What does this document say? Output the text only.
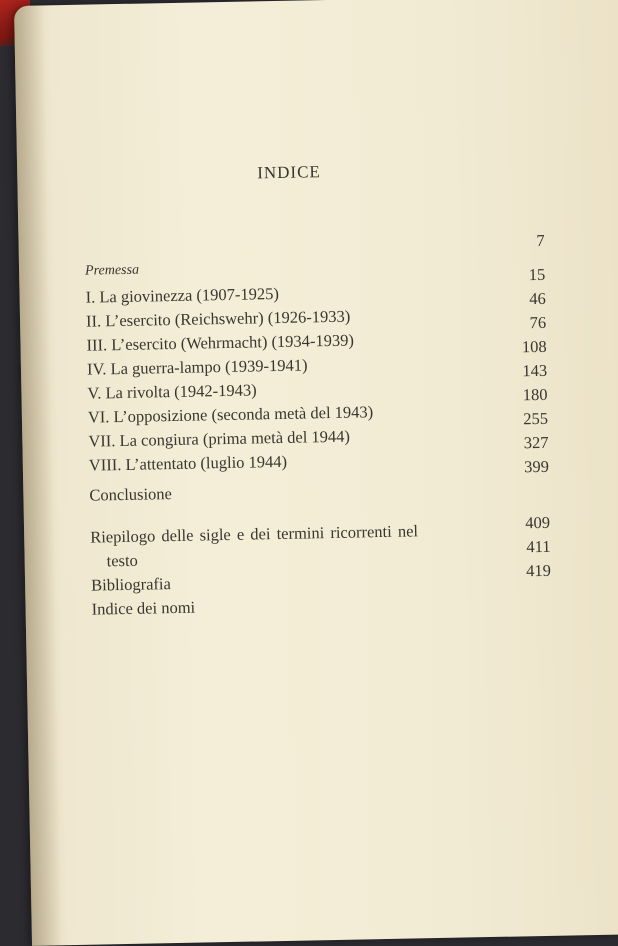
INDICE
Premessa
7
I. La giovinezza (1907-1925)
15
II. L’esercito (Reichswehr) (1926-1933)
46
III. L’esercito (Wehrmacht) (1934-1939)
76
IV. La guerra-lampo (1939-1941)
108
V. La rivolta (1942-1943)
143
VI. L’opposizione (seconda metà del 1943)
180
VII. La congiura (prima metà del 1944)
255
VIII. L’attentato (luglio 1944)
327
Conclusione
399
Riepilogo delle sigle e dei termini ricorrenti nel	409
testo
411
Bibliografia
419
Indice dei nomi
